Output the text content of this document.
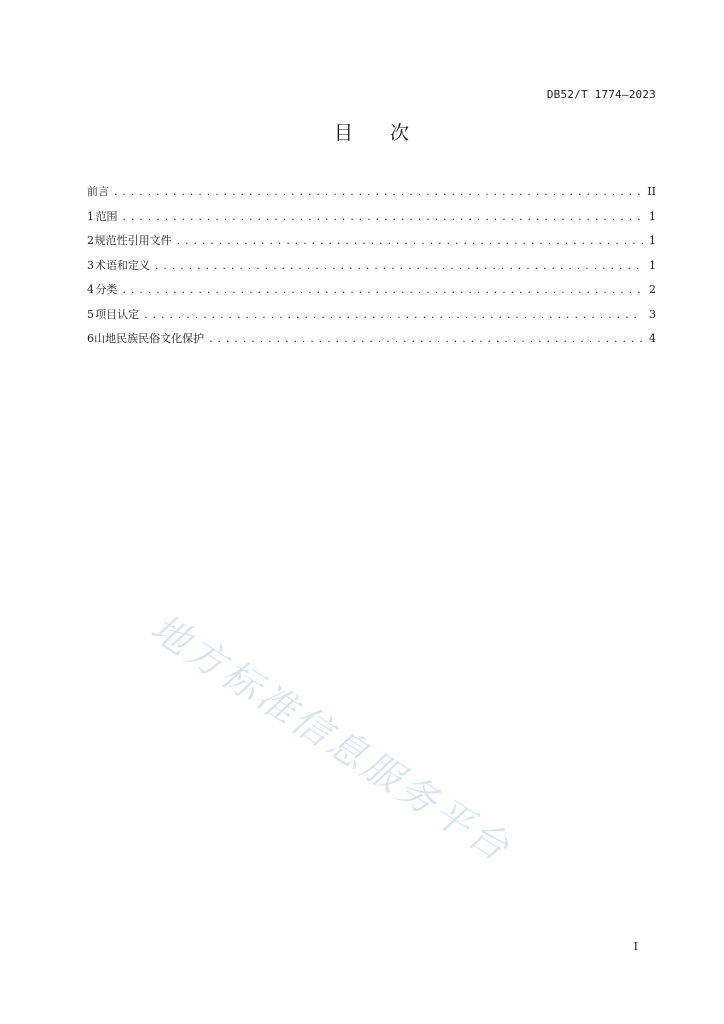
DB52/T 1774—2023
目 次
前言 . . .	II
1 范围 . . .	1
2 规范性引用文件 . . .	1
3 术语和定义 . . .	1
4 分类 . . .	2
5 项目认定 . . .	3
6 山地民族民俗文化保护 . . .	4
地方标准信息服务平台
I
